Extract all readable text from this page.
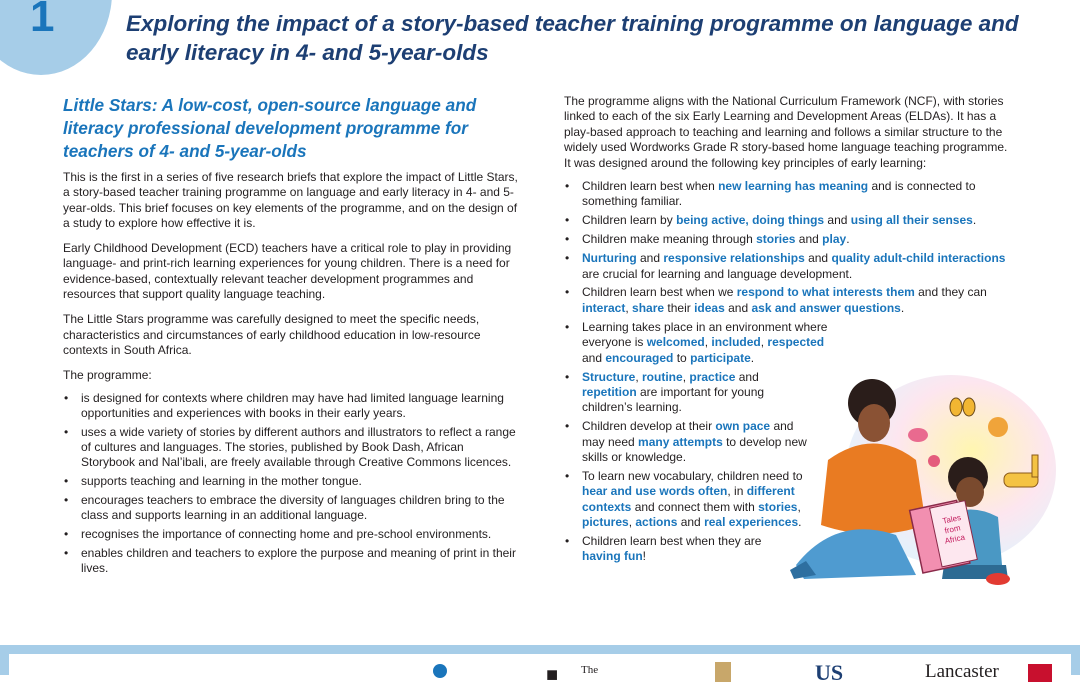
1	Exploring the impact of a story-based teacher training programme on language and early literacy in 4- and 5-year-olds
Little Stars: A low-cost, open-source language and literacy professional development programme for teachers of 4- and 5-year-olds

This is the first in a series of five research briefs that explore the impact of Little Stars, a story-based teacher training programme on language and early literacy in 4- and 5-year-olds. This brief focuses on key elements of the programme, and on the design of a study to explore how effective it is.

Early Childhood Development (ECD) teachers have a critical role to play in providing language- and print-rich learning experiences for young children. There is a need for evidence-based, contextually relevant teacher development programmes and resources that support quality language teaching.

The Little Stars programme was carefully designed to meet the specific needs, characteristics and circumstances of early childhood education in low-resource contexts in South Africa.

The programme:

• is designed for contexts where children may have had limited language learning opportunities and experiences with books in their early years.
• uses a wide variety of stories by different authors and illustrators to reflect a range of cultures and languages. The stories, published by Book Dash, African Storybook and Nal’ibali, are freely available through Creative Commons licences.
• supports teaching and learning in the mother tongue.
• encourages teachers to embrace the diversity of languages children bring to the class and supports learning in an additional language.
• recognises the importance of connecting home and pre-school environments.
• enables children and teachers to explore the purpose and meaning of print in their lives.

The programme aligns with the National Curriculum Framework (NCF), with stories linked to each of the six Early Learning and Development Areas (ELDAs). It has a play-based approach to teaching and learning and follows a similar structure to the widely used Wordworks Grade R story-based home language teaching programme. It was designed around the following key principles of early learning:

• Children learn best when new learning has meaning and is connected to something familiar.
• Children learn by being active, doing things and using all their senses.
• Children make meaning through stories and play.
• Nurturing and responsive relationships and quality adult-child interactions are crucial for learning and language development.
• Children learn best when we respond to what interests them and they can interact, share their ideas and ask and answer questions.
• Learning takes place in an environment where everyone is welcomed, included, respected and encouraged to participate.
• Structure, routine, practice and repetition are important for young children’s learning.
• Children develop at their own pace and may need many attempts to develop new skills or knowledge.
• To learn new vocabulary, children need to hear and use words often, in different contexts and connect them with stories, pictures, actions and real experiences.
• Children learn best when they are having fun!
Tales
from
Africa
■ The	US	Lancaster
